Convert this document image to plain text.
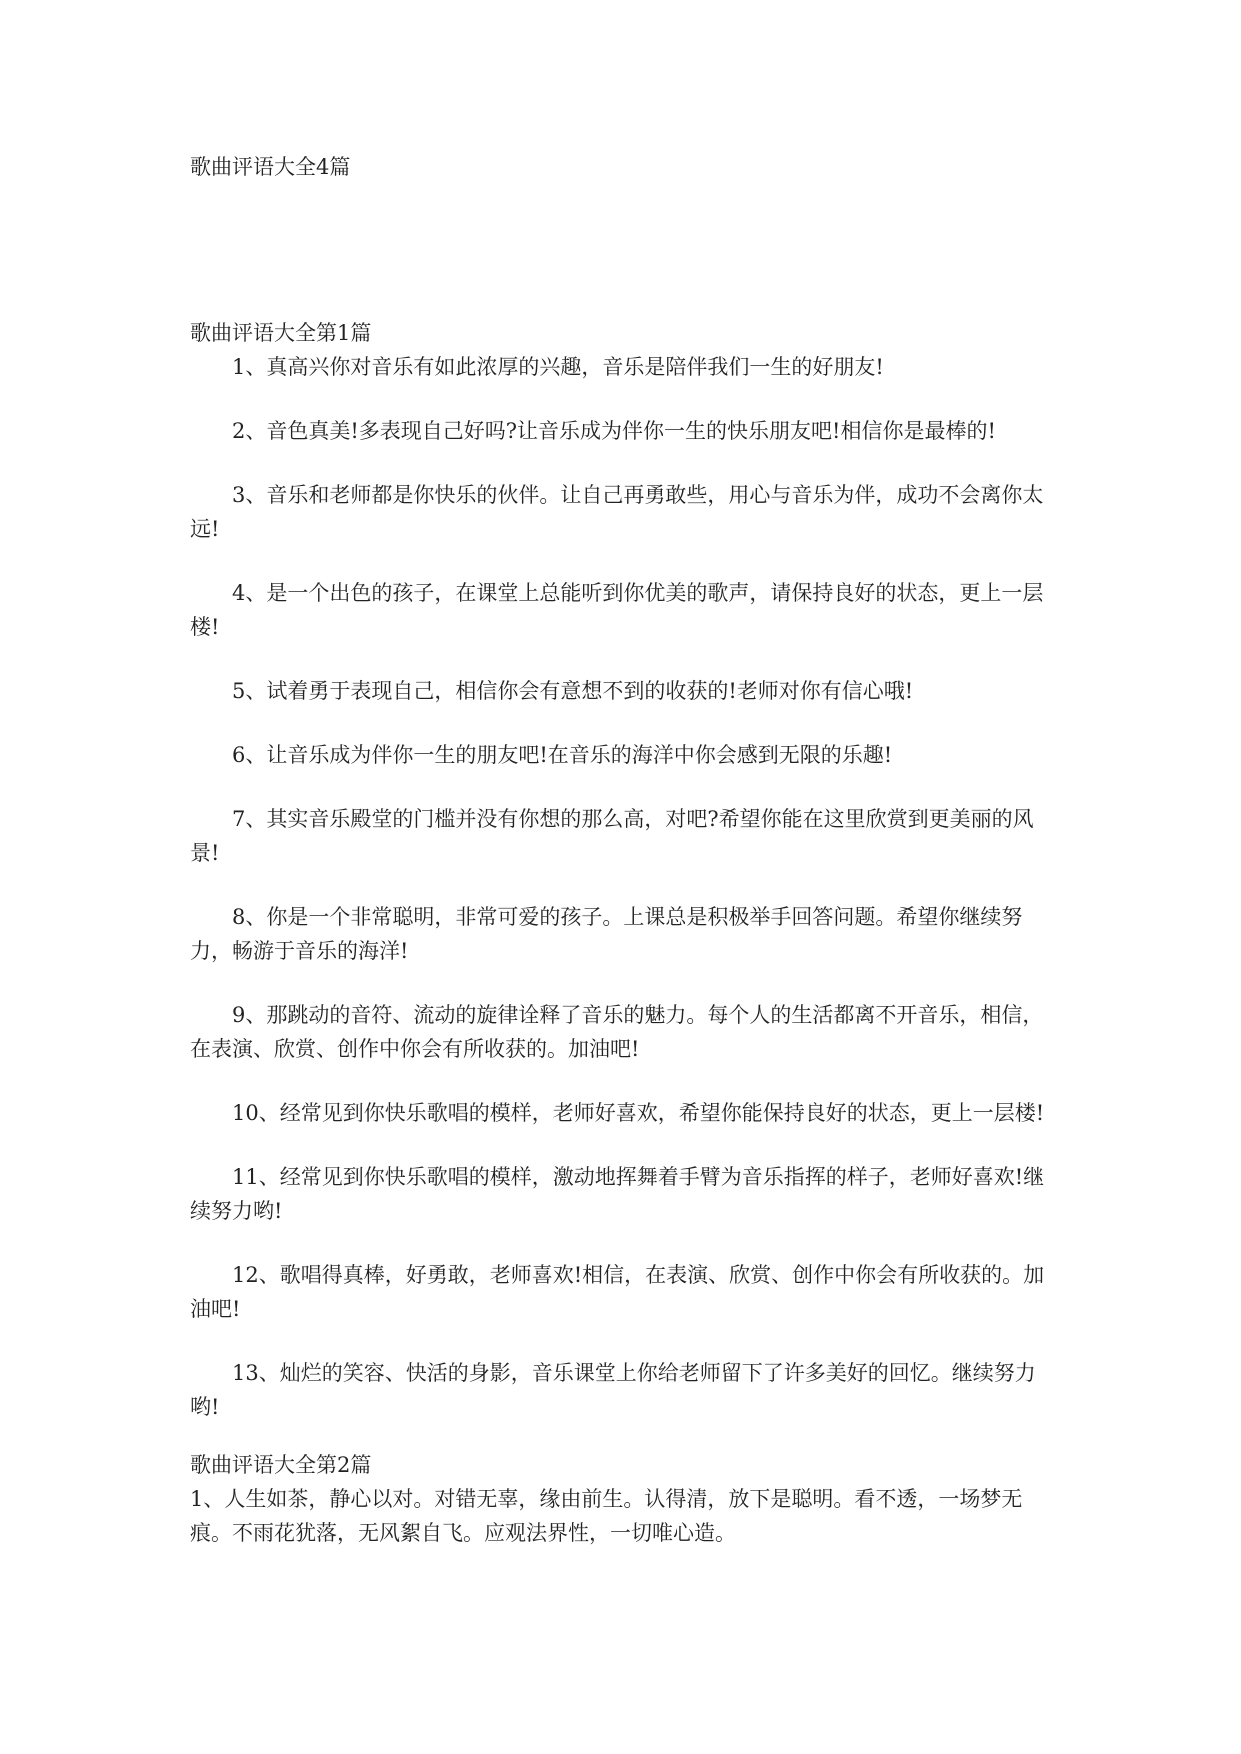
歌曲评语大全4篇

歌曲评语大全第1篇

1、真高兴你对音乐有如此浓厚的兴趣，音乐是陪伴我们一生的好朋友!

2、音色真美!多表现自己好吗?让音乐成为伴你一生的快乐朋友吧!相信你是最棒的!

3、音乐和老师都是你快乐的伙伴。让自己再勇敢些，用心与音乐为伴，成功不会离你太远!

4、是一个出色的孩子，在课堂上总能听到你优美的歌声，请保持良好的状态，更上一层楼!

5、试着勇于表现自己，相信你会有意想不到的收获的!老师对你有信心哦!

6、让音乐成为伴你一生的朋友吧!在音乐的海洋中你会感到无限的乐趣!

7、其实音乐殿堂的门槛并没有你想的那么高，对吧?希望你能在这里欣赏到更美丽的风景!

8、你是一个非常聪明，非常可爱的孩子。上课总是积极举手回答问题。希望你继续努力，畅游于音乐的海洋!

9、那跳动的音符、流动的旋律诠释了音乐的魅力。每个人的生活都离不开音乐，相信，在表演、欣赏、创作中你会有所收获的。加油吧!

10、经常见到你快乐歌唱的模样，老师好喜欢，希望你能保持良好的状态，更上一层楼!

11、经常见到你快乐歌唱的模样，激动地挥舞着手臂为音乐指挥的样子，老师好喜欢!继续努力哟!

12、歌唱得真棒，好勇敢，老师喜欢!相信，在表演、欣赏、创作中你会有所收获的。加油吧!

13、灿烂的笑容、快活的身影，音乐课堂上你给老师留下了许多美好的回忆。继续努力哟!

歌曲评语大全第2篇

1、人生如茶，静心以对。对错无辜，缘由前生。认得清，放下是聪明。看不透，一场梦无痕。不雨花犹落，无风絮自飞。应观法界性，一切唯心造。
